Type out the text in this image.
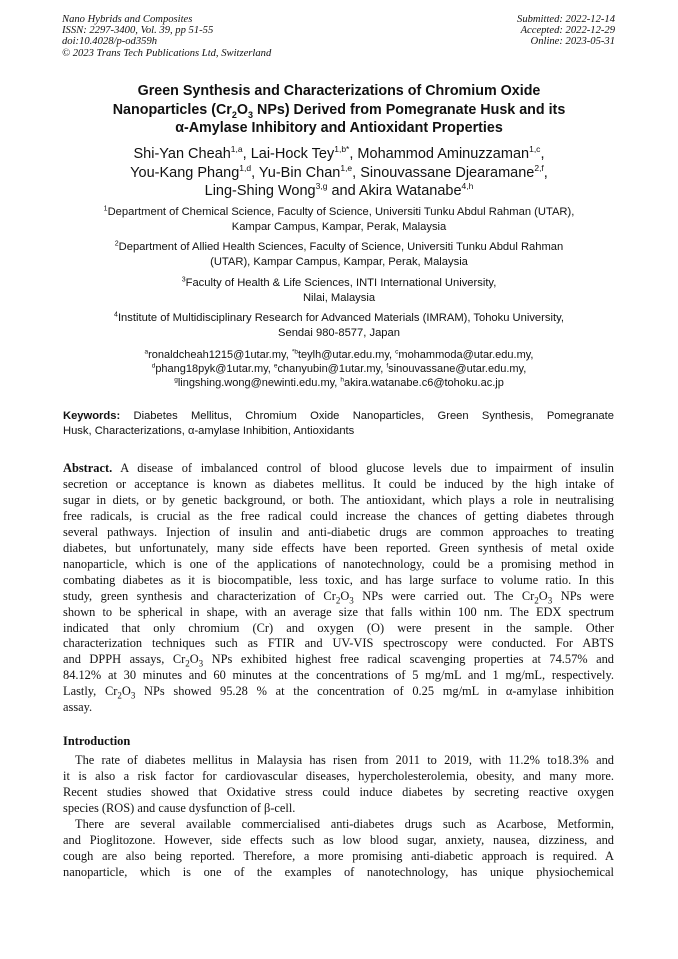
Nano Hybrids and Composites
ISSN: 2297-3400, Vol. 39, pp 51-55
doi:10.4028/p-od359h
© 2023 Trans Tech Publications Ltd, Switzerland
Submitted: 2022-12-14
Accepted: 2022-12-29
Online: 2023-05-31
Green Synthesis and Characterizations of Chromium Oxide
Nanoparticles ($Cr_2O_3$ NPs) Derived from Pomegranate Husk and its
α-Amylase Inhibitory and Antioxidant Properties
Shi-Yan Cheah$^{1,a}$, Lai-Hock Tey$^{1,b*}$, Mohammod Aminuzzaman$^{1,c}$,
You-Kang Phang$^{1,d}$, Yu-Bin Chan$^{1,e}$, Sinouvassane Djearamane$^{2,f}$,
Ling-Shing Wong$^{3,g}$ and Akira Watanabe$^{4,h}$
$^1$Department of Chemical Science, Faculty of Science, Universiti Tunku Abdul Rahman (UTAR),
Kampar Campus, Kampar, Perak, Malaysia
$^2$Department of Allied Health Sciences, Faculty of Science, Universiti Tunku Abdul Rahman
(UTAR), Kampar Campus, Kampar, Perak, Malaysia
$^3$Faculty of Health & Life Sciences, INTI International University,
Nilai, Malaysia
$^4$Institute of Multidisciplinary Research for Advanced Materials (IMRAM), Tohoku University,
Sendai 980-8577, Japan
$^a$ronaldcheah1215@1utar.my, $^{*b}$teylh@utar.edu.my, $^c$mohammoda@utar.edu.my,
$^d$phang18pyk@1utar.my, $^e$chanyubin@1utar.my, $^f$sinouvassane@utar.edu.my,
$^g$lingshing.wong@newinti.edu.my, $^h$akira.watanabe.c6@tohoku.ac.jp
Keywords: Diabetes Mellitus, Chromium Oxide Nanoparticles, Green Synthesis, Pomegranate
Husk, Characterizations, α-amylase Inhibition, Antioxidants
Abstract. A disease of imbalanced control of blood glucose levels due to impairment of insulin
secretion or acceptance is known as diabetes mellitus. It could be induced by the high intake of
sugar in diets, or by genetic background, or both. The antioxidant, which plays a role in neutralising
free radicals, is crucial as the free radical could increase the chances of getting diabetes through
several pathways. Injection of insulin and anti-diabetic drugs are common approaches to treating
diabetes, but unfortunately, many side effects have been reported. Green synthesis of metal oxide
nanoparticle, which is one of the applications of nanotechnology, could be a promising method in
combating diabetes as it is biocompatible, less toxic, and has large surface to volume ratio. In this
study, green synthesis and characterization of $Cr_2O_3$ NPs were carried out. The $Cr_2O_3$ NPs were
shown to be spherical in shape, with an average size that falls within 100 nm. The EDX spectrum
indicated that only chromium (Cr) and oxygen (O) were present in the sample. Other
characterization techniques such as FTIR and UV-VIS spectroscopy were conducted. For ABTS
and DPPH assays, $Cr_2O_3$ NPs exhibited highest free radical scavenging properties at 74.57% and
84.12% at 30 minutes and 60 minutes at the concentrations of 5 mg/mL and 1 mg/mL, respectively.
Lastly, $Cr_2O_3$ NPs showed 95.28 % at the concentration of 0.25 mg/mL in α-amylase inhibition
assay.
Introduction
The rate of diabetes mellitus in Malaysia has risen from 2011 to 2019, with 11.2% to18.3% and
it is also a risk factor for cardiovascular diseases, hypercholesterolemia, obesity, and many more.
Recent studies showed that Oxidative stress could induce diabetes by secreting reactive oxygen
species (ROS) and cause dysfunction of β-cell.
There are several available commercialised anti-diabetes drugs such as Acarbose, Metformin,
and Pioglitozone. However, side effects such as low blood sugar, anxiety, nausea, dizziness, and
cough are also being reported. Therefore, a more promising anti-diabetic approach is required. A
nanoparticle, which is one of the examples of nanotechnology, has unique physiochemical
